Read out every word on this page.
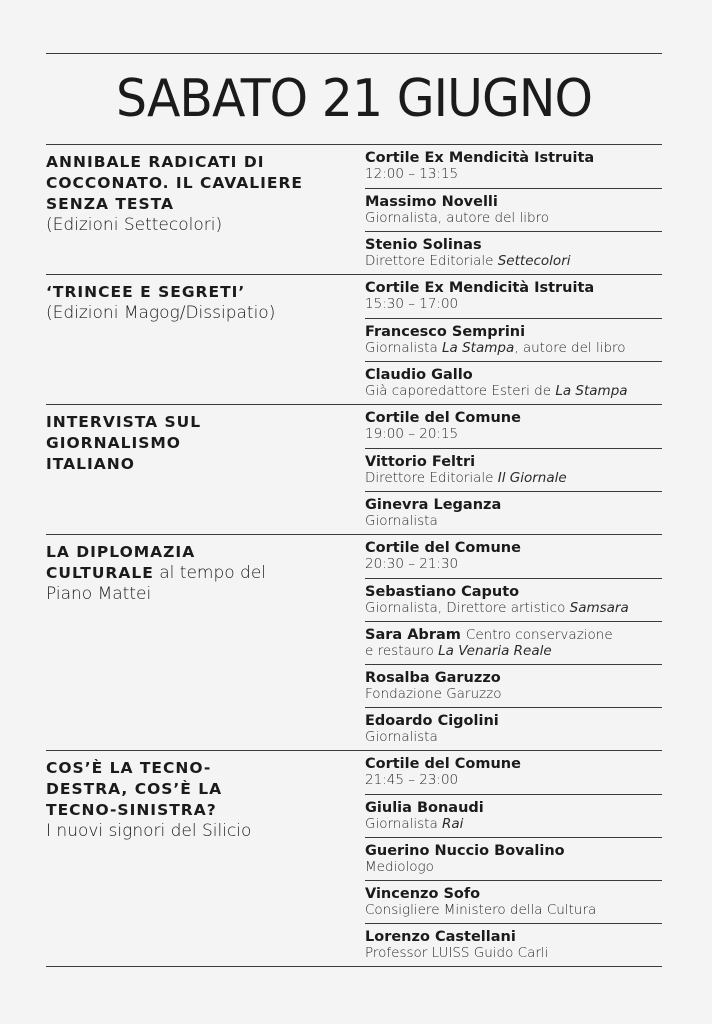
SABATO 21 GIUGNO
ANNIBALE RADICATI DI COCCONATO. IL CAVALIERE SENZA TESTA
(Edizioni Settecolori)
Cortile Ex Mendicità Istruita
12:00 – 13:15
Massimo Novelli
Giornalista, autore del libro
Stenio Solinas
Direttore Editoriale Settecolori
‘TRINCEE E SEGRETI’
(Edizioni Magog/Dissipatio)
Cortile Ex Mendicità Istruita
15:30 – 17:00
Francesco Semprini
Giornalista La Stampa, autore del libro
Claudio Gallo
Già caporedattore Esteri de La Stampa
INTERVISTA SUL GIORNALISMO ITALIANO
Cortile del Comune
19:00 – 20:15
Vittorio Feltri
Direttore Editoriale Il Giornale
Ginevra Leganza
Giornalista
LA DIPLOMAZIA CULTURALE al tempo del Piano Mattei
Cortile del Comune
20:30 – 21:30
Sebastiano Caputo
Giornalista, Direttore artistico Samsara
Sara Abram Centro conservazione
e restauro La Venaria Reale
Rosalba Garuzzo
Fondazione Garuzzo
Edoardo Cigolini
Giornalista
COS’È LA TECNO-DESTRA, COS’È LA TECNO-SINISTRA?
I nuovi signori del Silicio
Cortile del Comune
21:45 – 23:00
Giulia Bonaudi
Giornalista Rai
Guerino Nuccio Bovalino
Mediologo
Vincenzo Sofo
Consigliere Ministero della Cultura
Lorenzo Castellani
Professor LUISS Guido Carli
